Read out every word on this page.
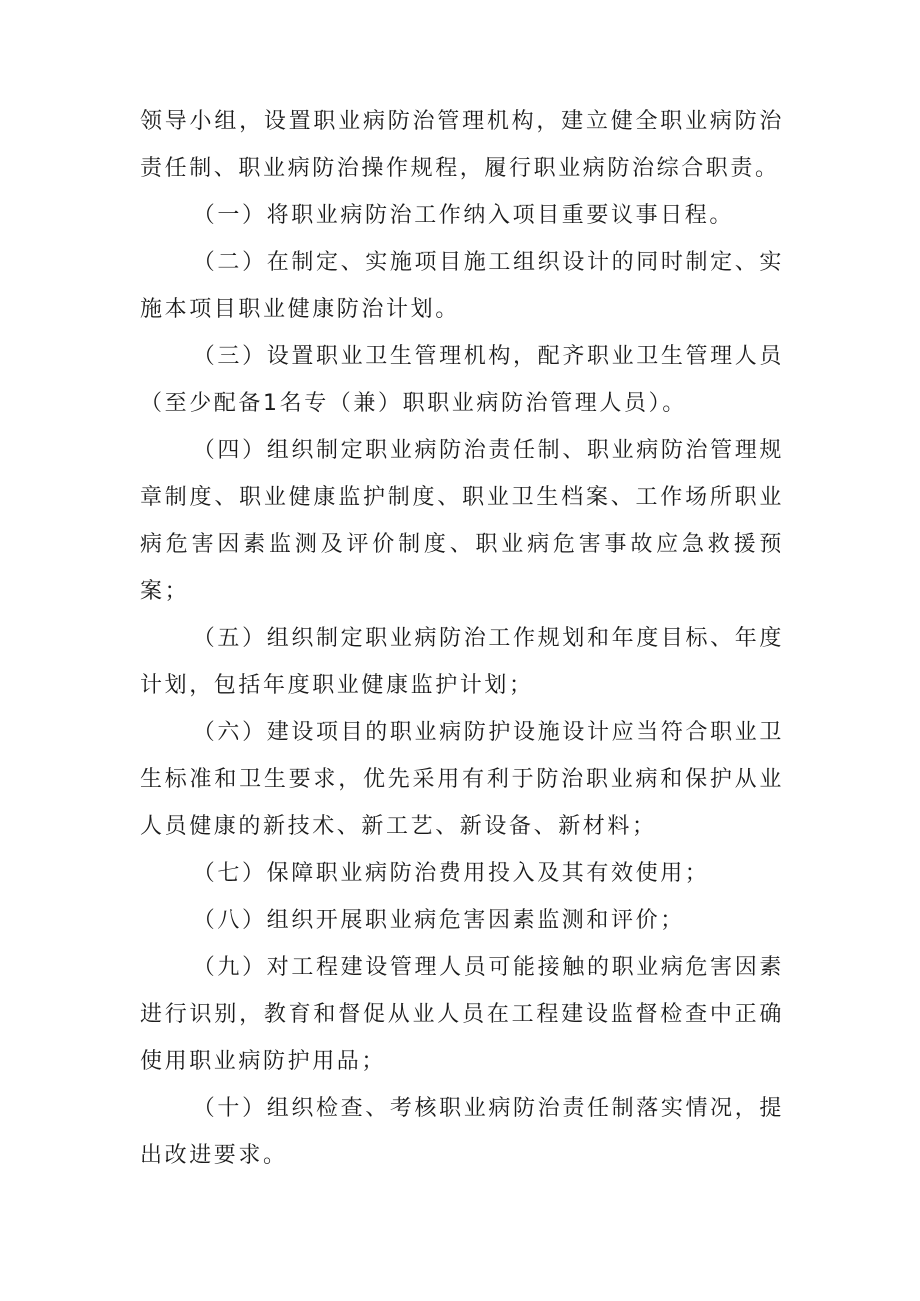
领导小组，设置职业病防治管理机构，建立健全职业病防治责任制、职业病防治操作规程，履行职业病防治综合职责。

（一）将职业病防治工作纳入项目重要议事日程。

（二）在制定、实施项目施工组织设计的同时制定、实施本项目职业健康防治计划。

（三）设置职业卫生管理机构，配齐职业卫生管理人员（至少配备1名专（兼）职职业病防治管理人员）。

（四）组织制定职业病防治责任制、职业病防治管理规章制度、职业健康监护制度、职业卫生档案、工作场所职业病危害因素监测及评价制度、职业病危害事故应急救援预案；

（五）组织制定职业病防治工作规划和年度目标、年度计划，包括年度职业健康监护计划；

（六）建设项目的职业病防护设施设计应当符合职业卫生标准和卫生要求，优先采用有利于防治职业病和保护从业人员健康的新技术、新工艺、新设备、新材料；

（七）保障职业病防治费用投入及其有效使用；

（八）组织开展职业病危害因素监测和评价；

（九）对工程建设管理人员可能接触的职业病危害因素进行识别，教育和督促从业人员在工程建设监督检查中正确使用职业病防护用品；

（十）组织检查、考核职业病防治责任制落实情况，提出改进要求。
